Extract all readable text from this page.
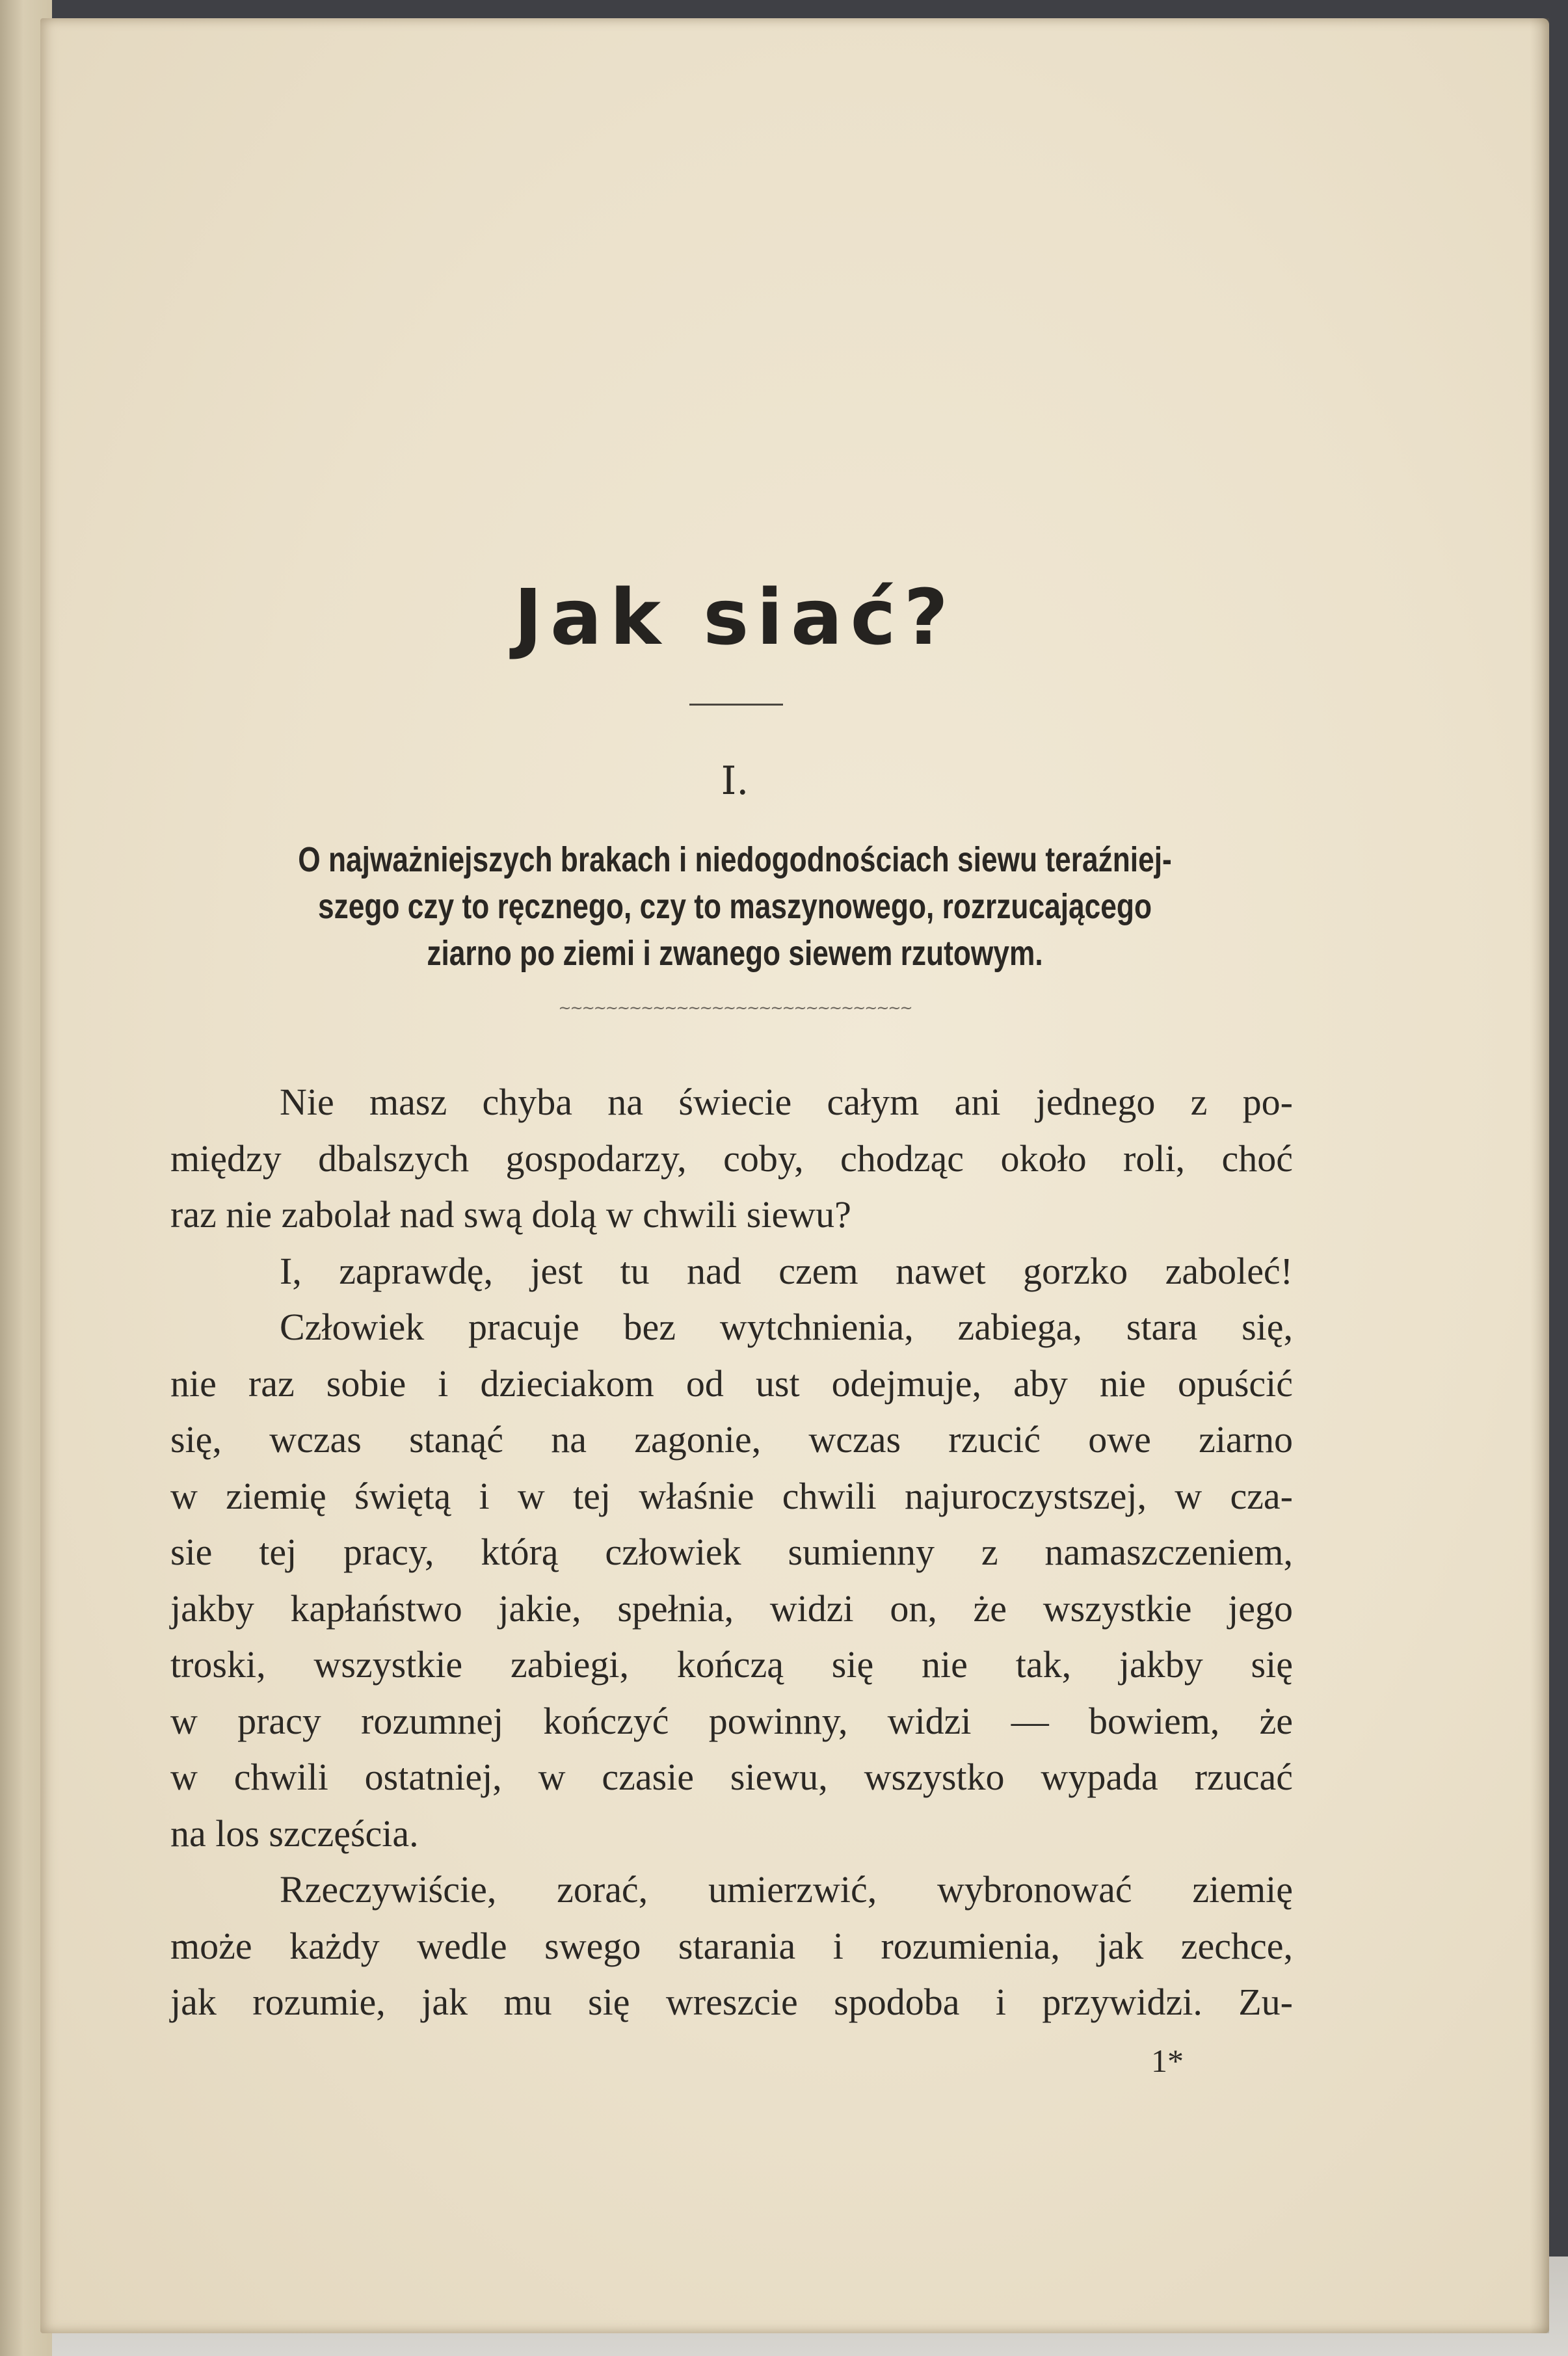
Jak siać?
I.
O najważniejszych brakach i niedogodnościach siewu teraźniej-
szego czy to ręcznego, czy to maszynowego, rozrzucającego
ziarno po ziemi i zwanego siewem rzutowym.
~~~~~~~~~~~~~~~~~~~~~~~~~~~~~~
Nie masz chyba na świecie całym ani jednego z po-
między dbalszych gospodarzy, coby, chodząc około roli, choć
raz nie zabolał nad swą dolą w chwili siewu?
I, zaprawdę, jest tu nad czem nawet gorzko zaboleć!
Człowiek pracuje bez wytchnienia, zabiega, stara się,
nie raz sobie i dzieciakom od ust odejmuje, aby nie opuścić
się, wczas stanąć na zagonie, wczas rzucić owe ziarno
w ziemię świętą i w tej właśnie chwili najuroczystszej, w cza-
sie tej pracy, którą człowiek sumienny z namaszczeniem,
jakby kapłaństwo jakie, spełnia, widzi on, że wszystkie jego
troski, wszystkie zabiegi, kończą się nie tak, jakby się
w pracy rozumnej kończyć powinny, widzi — bowiem, że
w chwili ostatniej, w czasie siewu, wszystko wypada rzucać
na los szczęścia.
Rzeczywiście, zorać, umierzwić, wybronować ziemię
może każdy wedle swego starania i rozumienia, jak zechce,
jak rozumie, jak mu się wreszcie spodoba i przywidzi. Zu-
1*
